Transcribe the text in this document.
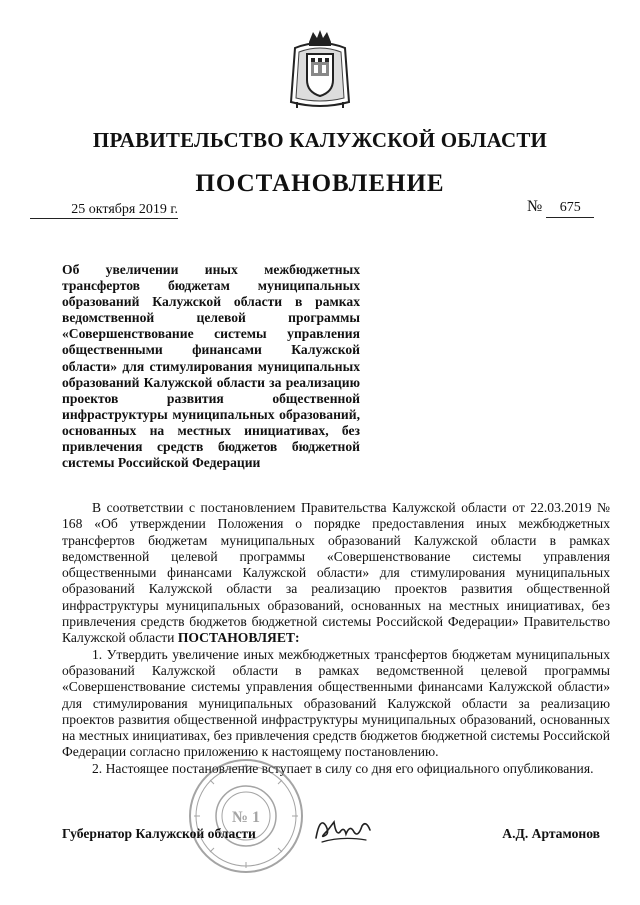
ПРАВИТЕЛЬСТВО КАЛУЖСКОЙ ОБЛАСТИ
ПОСТАНОВЛЕНИЕ
25 октября 2019 г.	№ 675
Об увеличении иных межбюджетных трансфертов бюджетам муниципальных образований Калужской области в рамках ведомственной целевой программы «Совершенствование системы управления общественными финансами Калужской области» для стимулирования муниципальных образований Калужской области за реализацию проектов развития общественной инфраструктуры муниципальных образований, основанных на местных инициативах, без привлечения средств бюджетов бюджетной системы Российской Федерации

В соответствии с постановлением Правительства Калужской области от 22.03.2019 № 168 «Об утверждении Положения о порядке предоставления иных межбюджетных трансфертов бюджетам муниципальных образований Калужской области в рамках ведомственной целевой программы «Совершенствование системы управления общественными финансами Калужской области» для стимулирования муниципальных образований Калужской области за реализацию проектов развития общественной инфраструктуры муниципальных образований, основанных на местных инициативах, без привлечения средств бюджетов бюджетной системы Российской Федерации» Правительство Калужской области ПОСТАНОВЛЯЕТ:

1. Утвердить увеличение иных межбюджетных трансфертов бюджетам муниципальных образований Калужской области в рамках ведомственной целевой программы «Совершенствование системы управления общественными финансами Калужской области» для стимулирования муниципальных образований Калужской области за реализацию проектов развития общественной инфраструктуры муниципальных образований, основанных на местных инициативах, без привлечения средств бюджетов бюджетной системы Российской Федерации согласно приложению к настоящему постановлению.

2. Настоящее постановление вступает в силу со дня его официального опубликования.

№ 1
Губернатор Калужской области	А.Д. Артамонов
